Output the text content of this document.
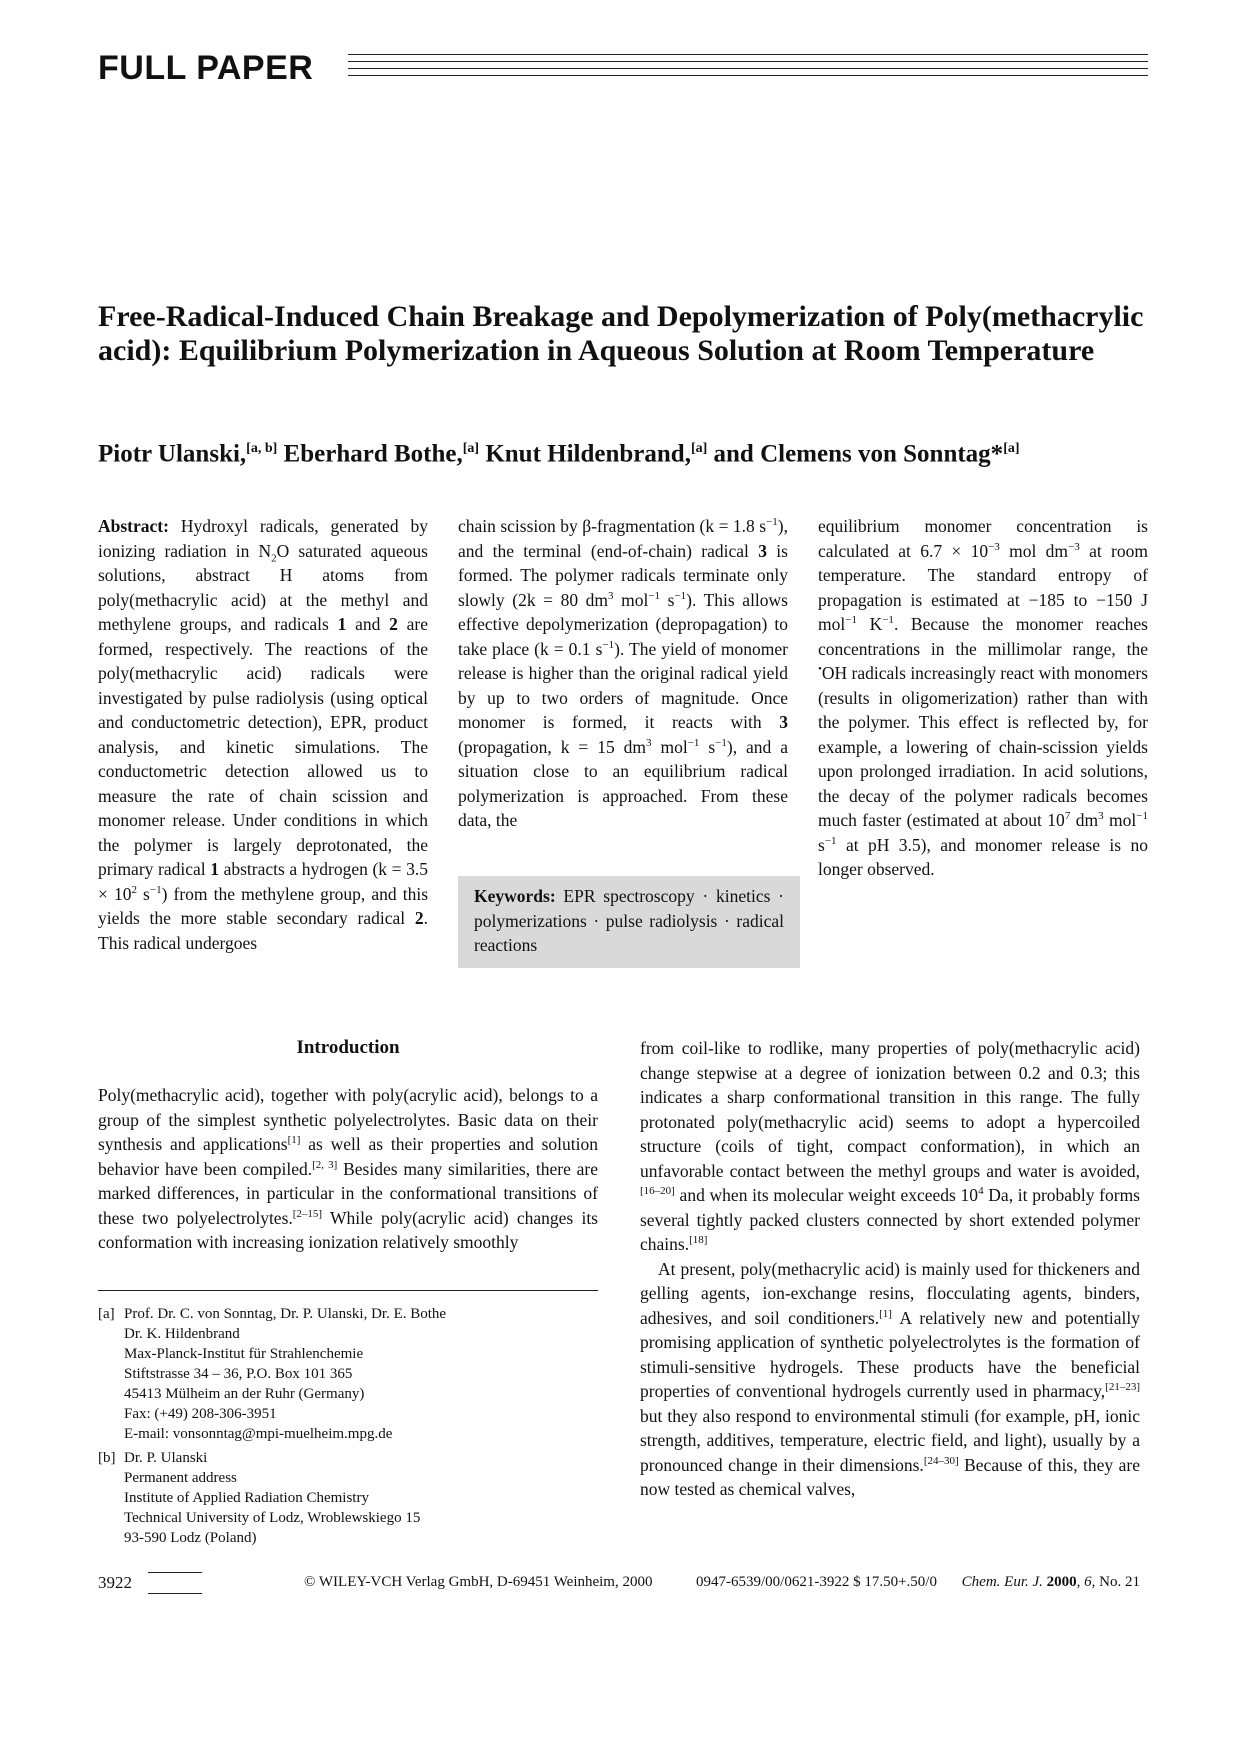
FULL PAPER
Free-Radical-Induced Chain Breakage and Depolymerization of Poly(methacrylic acid): Equilibrium Polymerization in Aqueous Solution at Room Temperature
Piotr Ulanski,[a, b] Eberhard Bothe,[a] Knut Hildenbrand,[a] and Clemens von Sonntag*[a]
Abstract: Hydroxyl radicals, generated by ionizing radiation in $N_2O$ saturated aqueous solutions, abstract H atoms from poly(methacrylic acid) at the methyl and methylene groups, and radicals 1 and 2 are formed, respectively. The reactions of the poly(methacrylic acid) radicals were investigated by pulse radiolysis (using optical and conductometric detection), EPR, product analysis, and kinetic simulations. The conductometric detection allowed us to measure the rate of chain scission and monomer release. Under conditions in which the polymer is largely deprotonated, the primary radical 1 abstracts a hydrogen ($k = 3.5 \times 10^2$ $s^{-1}$) from the methylene group, and this yields the more stable secondary radical 2. This radical undergoes
chain scission by β-fragmentation (k = 1.8 $s^{-1}$), and the terminal (end-of-chain) radical 3 is formed. The polymer radicals terminate only slowly (2k = 80 $dm^3$ mol$^{-1}$ $s^{-1}$). This allows effective depolymerization (depropagation) to take place (k = 0.1 $s^{-1}$). The yield of monomer release is higher than the original radical yield by up to two orders of magnitude. Once monomer is formed, it reacts with 3 (propagation, k = 15 $dm^3$ mol$^{-1}$ $s^{-1}$), and a situation close to an equilibrium radical polymerization is approached. From these data, the
Keywords: EPR spectroscopy · kinetics · polymerizations · pulse radiolysis · radical reactions
equilibrium monomer concentration is calculated at $6.7 \times 10^{-3}$ mol $dm^{-3}$ at room temperature. The standard entropy of propagation is estimated at −185 to −150 J mol$^{-1}$ $K^{-1}$. Because the monomer reaches concentrations in the millimolar range, the •OH radicals increasingly react with monomers (results in oligomerization) rather than with the polymer. This effect is reflected by, for example, a lowering of chain-scission yields upon prolonged irradiation. In acid solutions, the decay of the polymer radicals becomes much faster (estimated at about $10^7$ $dm^3$ mol$^{-1}$ $s^{-1}$ at pH 3.5), and monomer release is no longer observed.
Introduction
Poly(methacrylic acid), together with poly(acrylic acid), belongs to a group of the simplest synthetic polyelectrolytes. Basic data on their synthesis and applications[1] as well as their properties and solution behavior have been compiled.[2, 3] Besides many similarities, there are marked differences, in particular in the conformational transitions of these two polyelectrolytes.[2–15] While poly(acrylic acid) changes its conformation with increasing ionization relatively smoothly

from coil-like to rodlike, many properties of poly(methacrylic acid) change stepwise at a degree of ionization between 0.2 and 0.3; this indicates a sharp conformational transition in this range. The fully protonated poly(methacrylic acid) seems to adopt a hypercoiled structure (coils of tight, compact conformation), in which an unfavorable contact between the methyl groups and water is avoided,[16–20] and when its molecular weight exceeds $10^4$ Da, it probably forms several tightly packed clusters connected by short extended polymer chains.[18]

At present, poly(methacrylic acid) is mainly used for thickeners and gelling agents, ion-exchange resins, flocculating agents, binders, adhesives, and soil conditioners.[1] A relatively new and potentially promising application of synthetic polyelectrolytes is the formation of stimuli-sensitive hydrogels. These products have the beneficial properties of conventional hydrogels currently used in pharmacy,[21–23] but they also respond to environmental stimuli (for example, pH, ionic strength, additives, temperature, electric field, and light), usually by a pronounced change in their dimensions.[24–30] Because of this, they are now tested as chemical valves,

[a] Prof. Dr. C. von Sonntag, Dr. P. Ulanski, Dr. E. Bothe
Dr. K. Hildenbrand
Max-Planck-Institut für Strahlenchemie
Stiftstrasse 34 – 36, P.O. Box 101 365
45413 Mülheim an der Ruhr (Germany)
Fax: (+49) 208-306-3951
E-mail: vonsonntag@mpi-muelheim.mpg.de
[b] Dr. P. Ulanski
Permanent address
Institute of Applied Radiation Chemistry
Technical University of Lodz, Wroblewskiego 15
93-590 Lodz (Poland)
3922	© WILEY-VCH Verlag GmbH, D-69451 Weinheim, 2000	0947-6539/00/0621-3922 $ 17.50+.50/0 Chem. Eur. J. 2000, 6, No. 21
